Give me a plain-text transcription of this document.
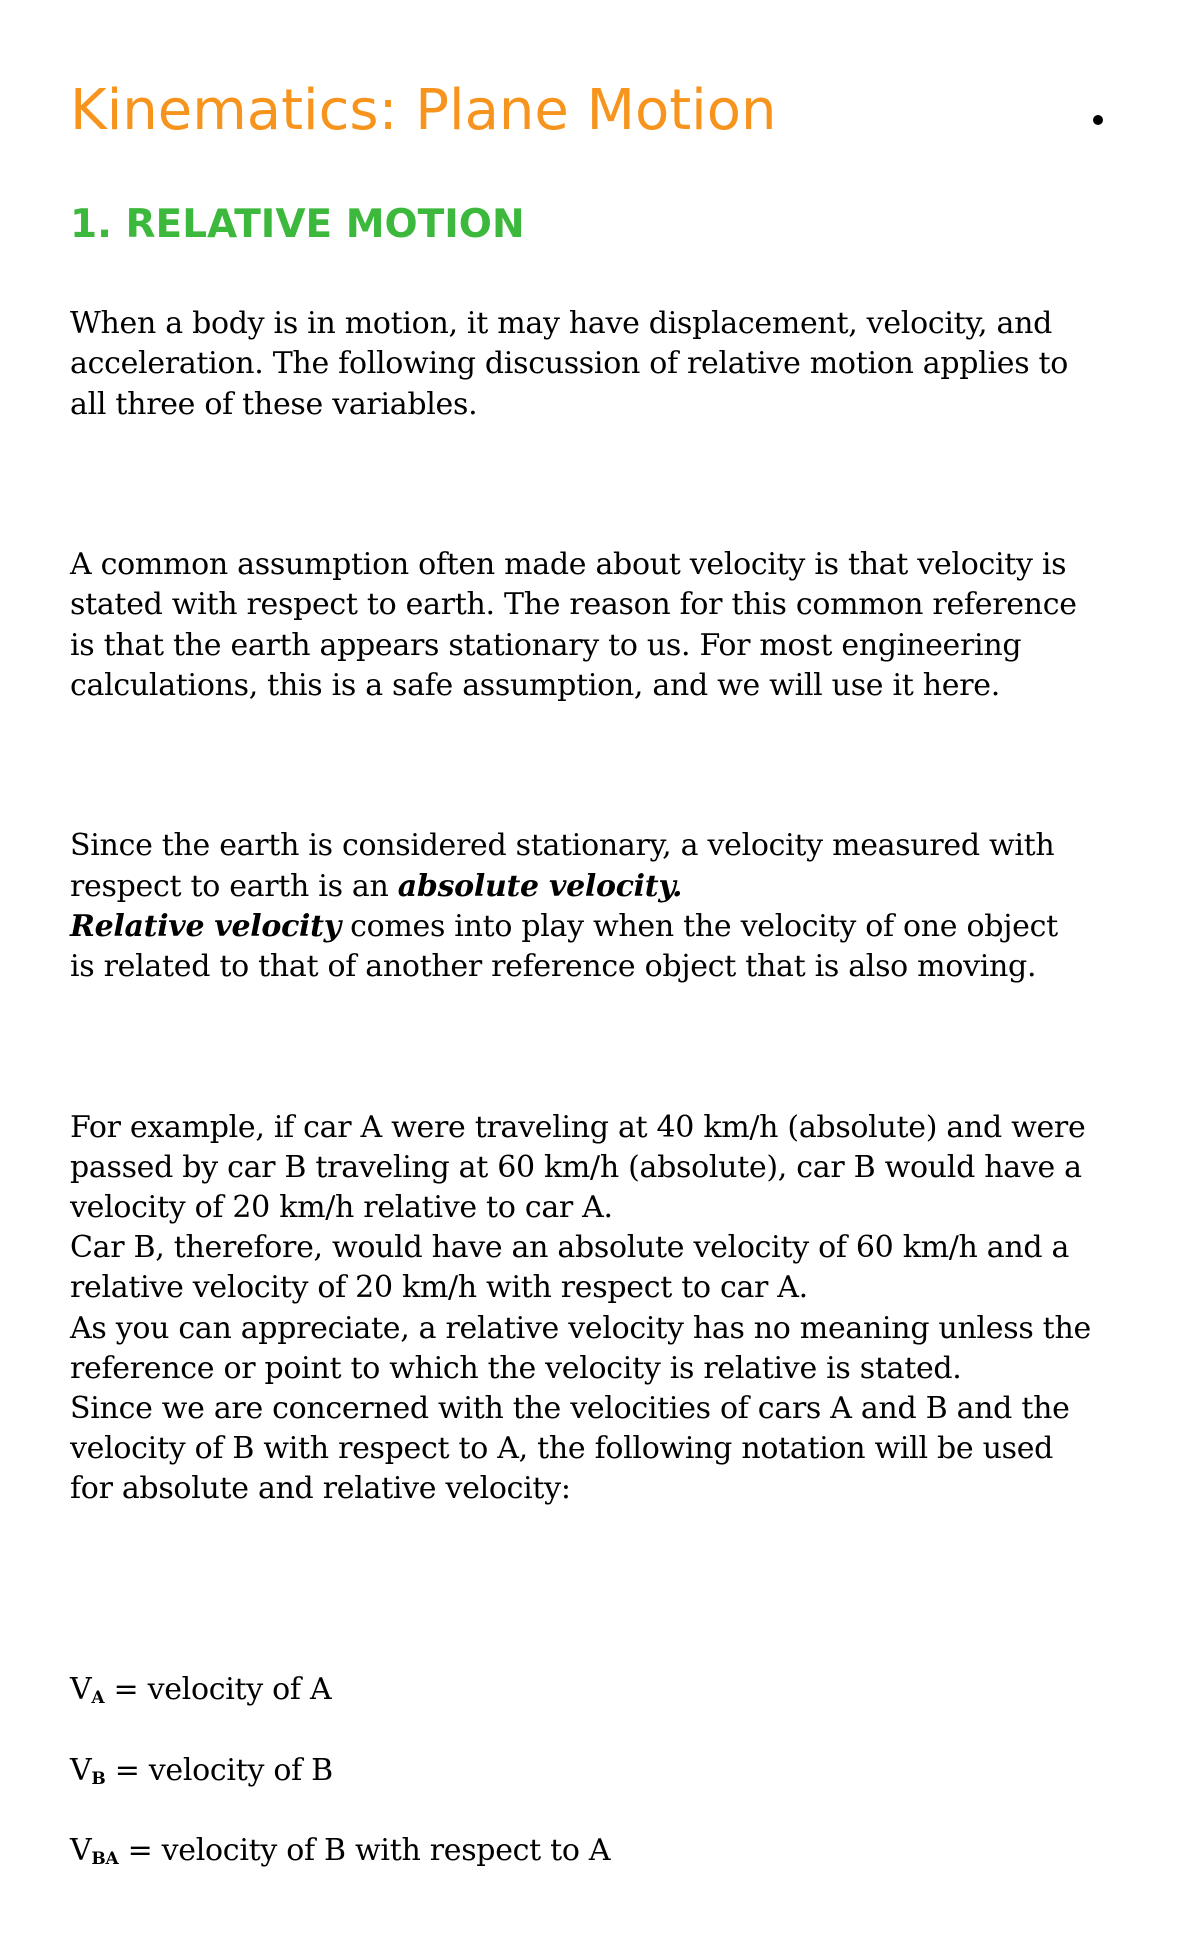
Kinematics: Plane Motion
1. RELATIVE MOTION

When a body is in motion, it may have displacement, velocity, and
acceleration. The following discussion of relative motion applies to
all three of these variables.

A common assumption often made about velocity is that velocity is
stated with respect to earth. The reason for this common reference
is that the earth appears stationary to us. For most engineering
calculations, this is a safe assumption, and we will use it here.

Since the earth is considered stationary, a velocity measured with
respect to earth is an absolute velocity.
Relative velocity comes into play when the velocity of one object
is related to that of another reference object that is also moving.

For example, if car A were traveling at 40 km/h (absolute) and were
passed by car B traveling at 60 km/h (absolute), car B would have a
velocity of 20 km/h relative to car A.
Car B, therefore, would have an absolute velocity of 60 km/h and a
relative velocity of 20 km/h with respect to car A.
As you can appreciate, a relative velocity has no meaning unless the
reference or point to which the velocity is relative is stated.
Since we are concerned with the velocities of cars A and B and the
velocity of B with respect to A, the following notation will be used
for absolute and relative velocity:

$V_A$ = velocity of A

$V_B$ = velocity of B

$V_{BA}$ = velocity of B with respect to A
